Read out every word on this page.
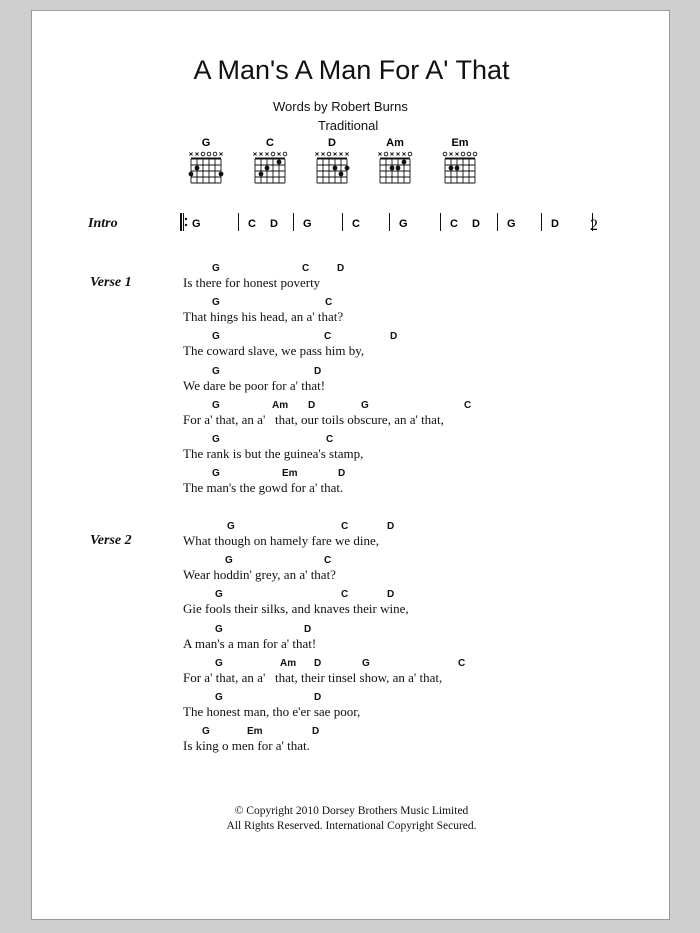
A Man's A Man For A' That
Words by Robert Burns
Traditional
G	C	D	Am	Em
Intro	G	C D G	C	G	C D G	D 2
Verse 1
G	C	D
Is there for honest poverty
G	C
That hings his head, an a' that?
G	C	D
The coward slave, we pass him by,
G	D
We dare be poor for a' that!
G	Am D	G	C
For a' that, an a'   that, our toils obscure, an a' that,
G	C
The rank is but the guinea's stamp,
G	Em	D
The man's the gowd for a' that.
Verse 2
G	C	D
What though on hamely fare we dine,
G	C
Wear hoddin' grey, an a' that?
G	C	D
Gie fools their silks, and knaves their wine,
G	D
A man's a man for a' that!
G	Am D	G	C
For a' that, an a'   that, their tinsel show, an a' that,
G	D
The honest man, tho e'er sae poor,
G	Em	D
Is king o men for a' that.
© Copyright 2010 Dorsey Brothers Music Limited
All Rights Reserved. International Copyright Secured.
